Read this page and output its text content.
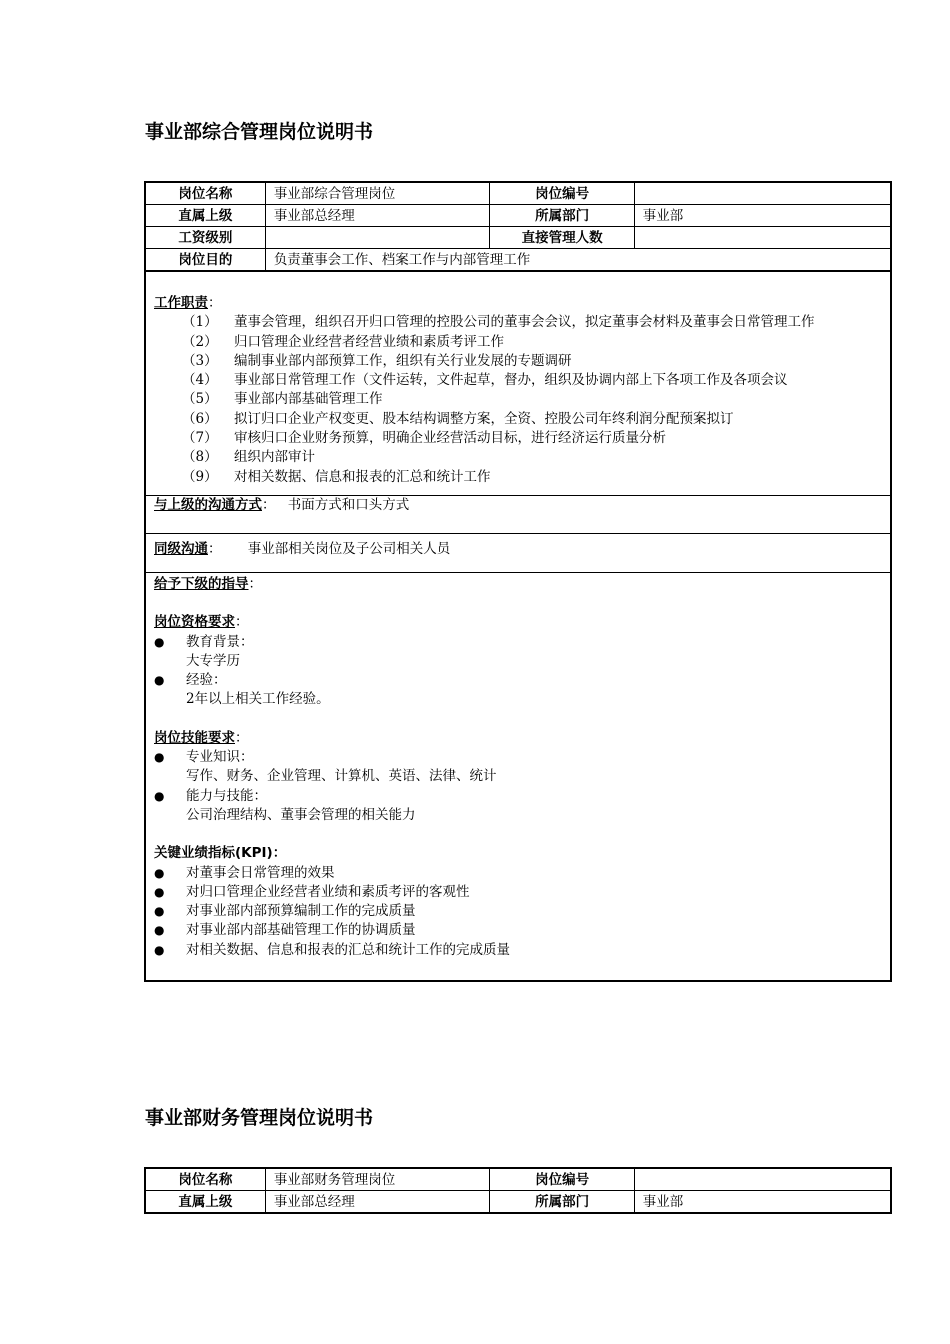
事业部综合管理岗位说明书
岗位名称	事业部综合管理岗位	岗位编号	
直属上级	事业部总经理	所属部门	事业部
工资级别		直接管理人数	
岗位目的	负责董事会工作、档案工作与内部管理工作		
工作职责：
（1） 董事会管理，组织召开归口管理的控股公司的董事会会议，拟定董事会材料及董事会日常管理工作
（2） 归口管理企业经营者经营业绩和素质考评工作
（3） 编制事业部内部预算工作，组织有关行业发展的专题调研
（4） 事业部日常管理工作（文件运转，文件起草，督办，组织及协调内部上下各项工作及各项会议
（5） 事业部内部基础管理工作
（6） 拟订归口企业产权变更、股本结构调整方案，全资、控股公司年终利润分配预案拟订
（7） 审核归口企业财务预算，明确企业经营活动目标，进行经济运行质量分析
（8） 组织内部审计
（9） 对相关数据、信息和报表的汇总和统计工作
与上级的沟通方式： 书面方式和口头方式
同级沟通： 事业部相关岗位及子公司相关人员
给予下级的指导：
岗位资格要求：
● 教育背景：
大专学历
● 经验：
2年以上相关工作经验。
岗位技能要求：
● 专业知识：
写作、财务、企业管理、计算机、英语、法律、统计
● 能力与技能：
公司治理结构、董事会管理的相关能力
关键业绩指标(KPI)：
● 对董事会日常管理的效果
● 对归口管理企业经营者业绩和素质考评的客观性
● 对事业部内部预算编制工作的完成质量
● 对事业部内部基础管理工作的协调质量
● 对相关数据、信息和报表的汇总和统计工作的完成质量
事业部财务管理岗位说明书
岗位名称	事业部财务管理岗位	岗位编号	
直属上级	事业部总经理	所属部门	事业部
